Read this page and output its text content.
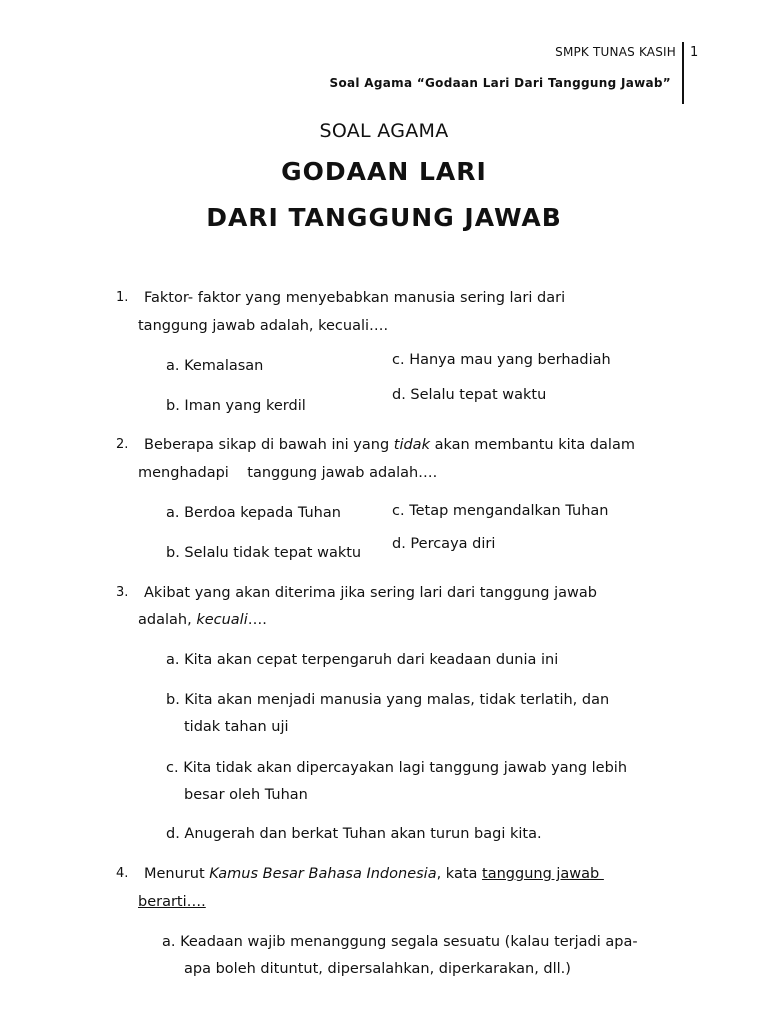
SMPK TUNAS KASIH 1
Soal Agama “Godaan Lari Dari Tanggung Jawab”
SOAL AGAMA
GODAAN LARI
DARI TANGGUNG JAWAB
1. Faktor- faktor yang menyebabkan manusia sering lari dari
tanggung jawab adalah, kecuali….
a. Kemalasan
b. Iman yang kerdil
c. Hanya mau yang berhadiah
d. Selalu tepat waktu
2. Beberapa sikap di bawah ini yang tidak akan membantu kita dalam
menghadapi    tanggung jawab adalah….
a. Berdoa kepada Tuhan
b. Selalu tidak tepat waktu
c. Tetap mengandalkan Tuhan
d. Percaya diri
3. Akibat yang akan diterima jika sering lari dari tanggung jawab
adalah, kecuali….
a. Kita akan cepat terpengaruh dari keadaan dunia ini
b. Kita akan menjadi manusia yang malas, tidak terlatih, dan
tidak tahan uji
c. Kita tidak akan dipercayakan lagi tanggung jawab yang lebih
besar oleh Tuhan
d. Anugerah dan berkat Tuhan akan turun bagi kita.
4. Menurut Kamus Besar Bahasa Indonesia, kata tanggung jawab
berarti….
a. Keadaan wajib menanggung segala sesuatu (kalau terjadi apa-
apa boleh dituntut, dipersalahkan, diperkarakan, dll.)
